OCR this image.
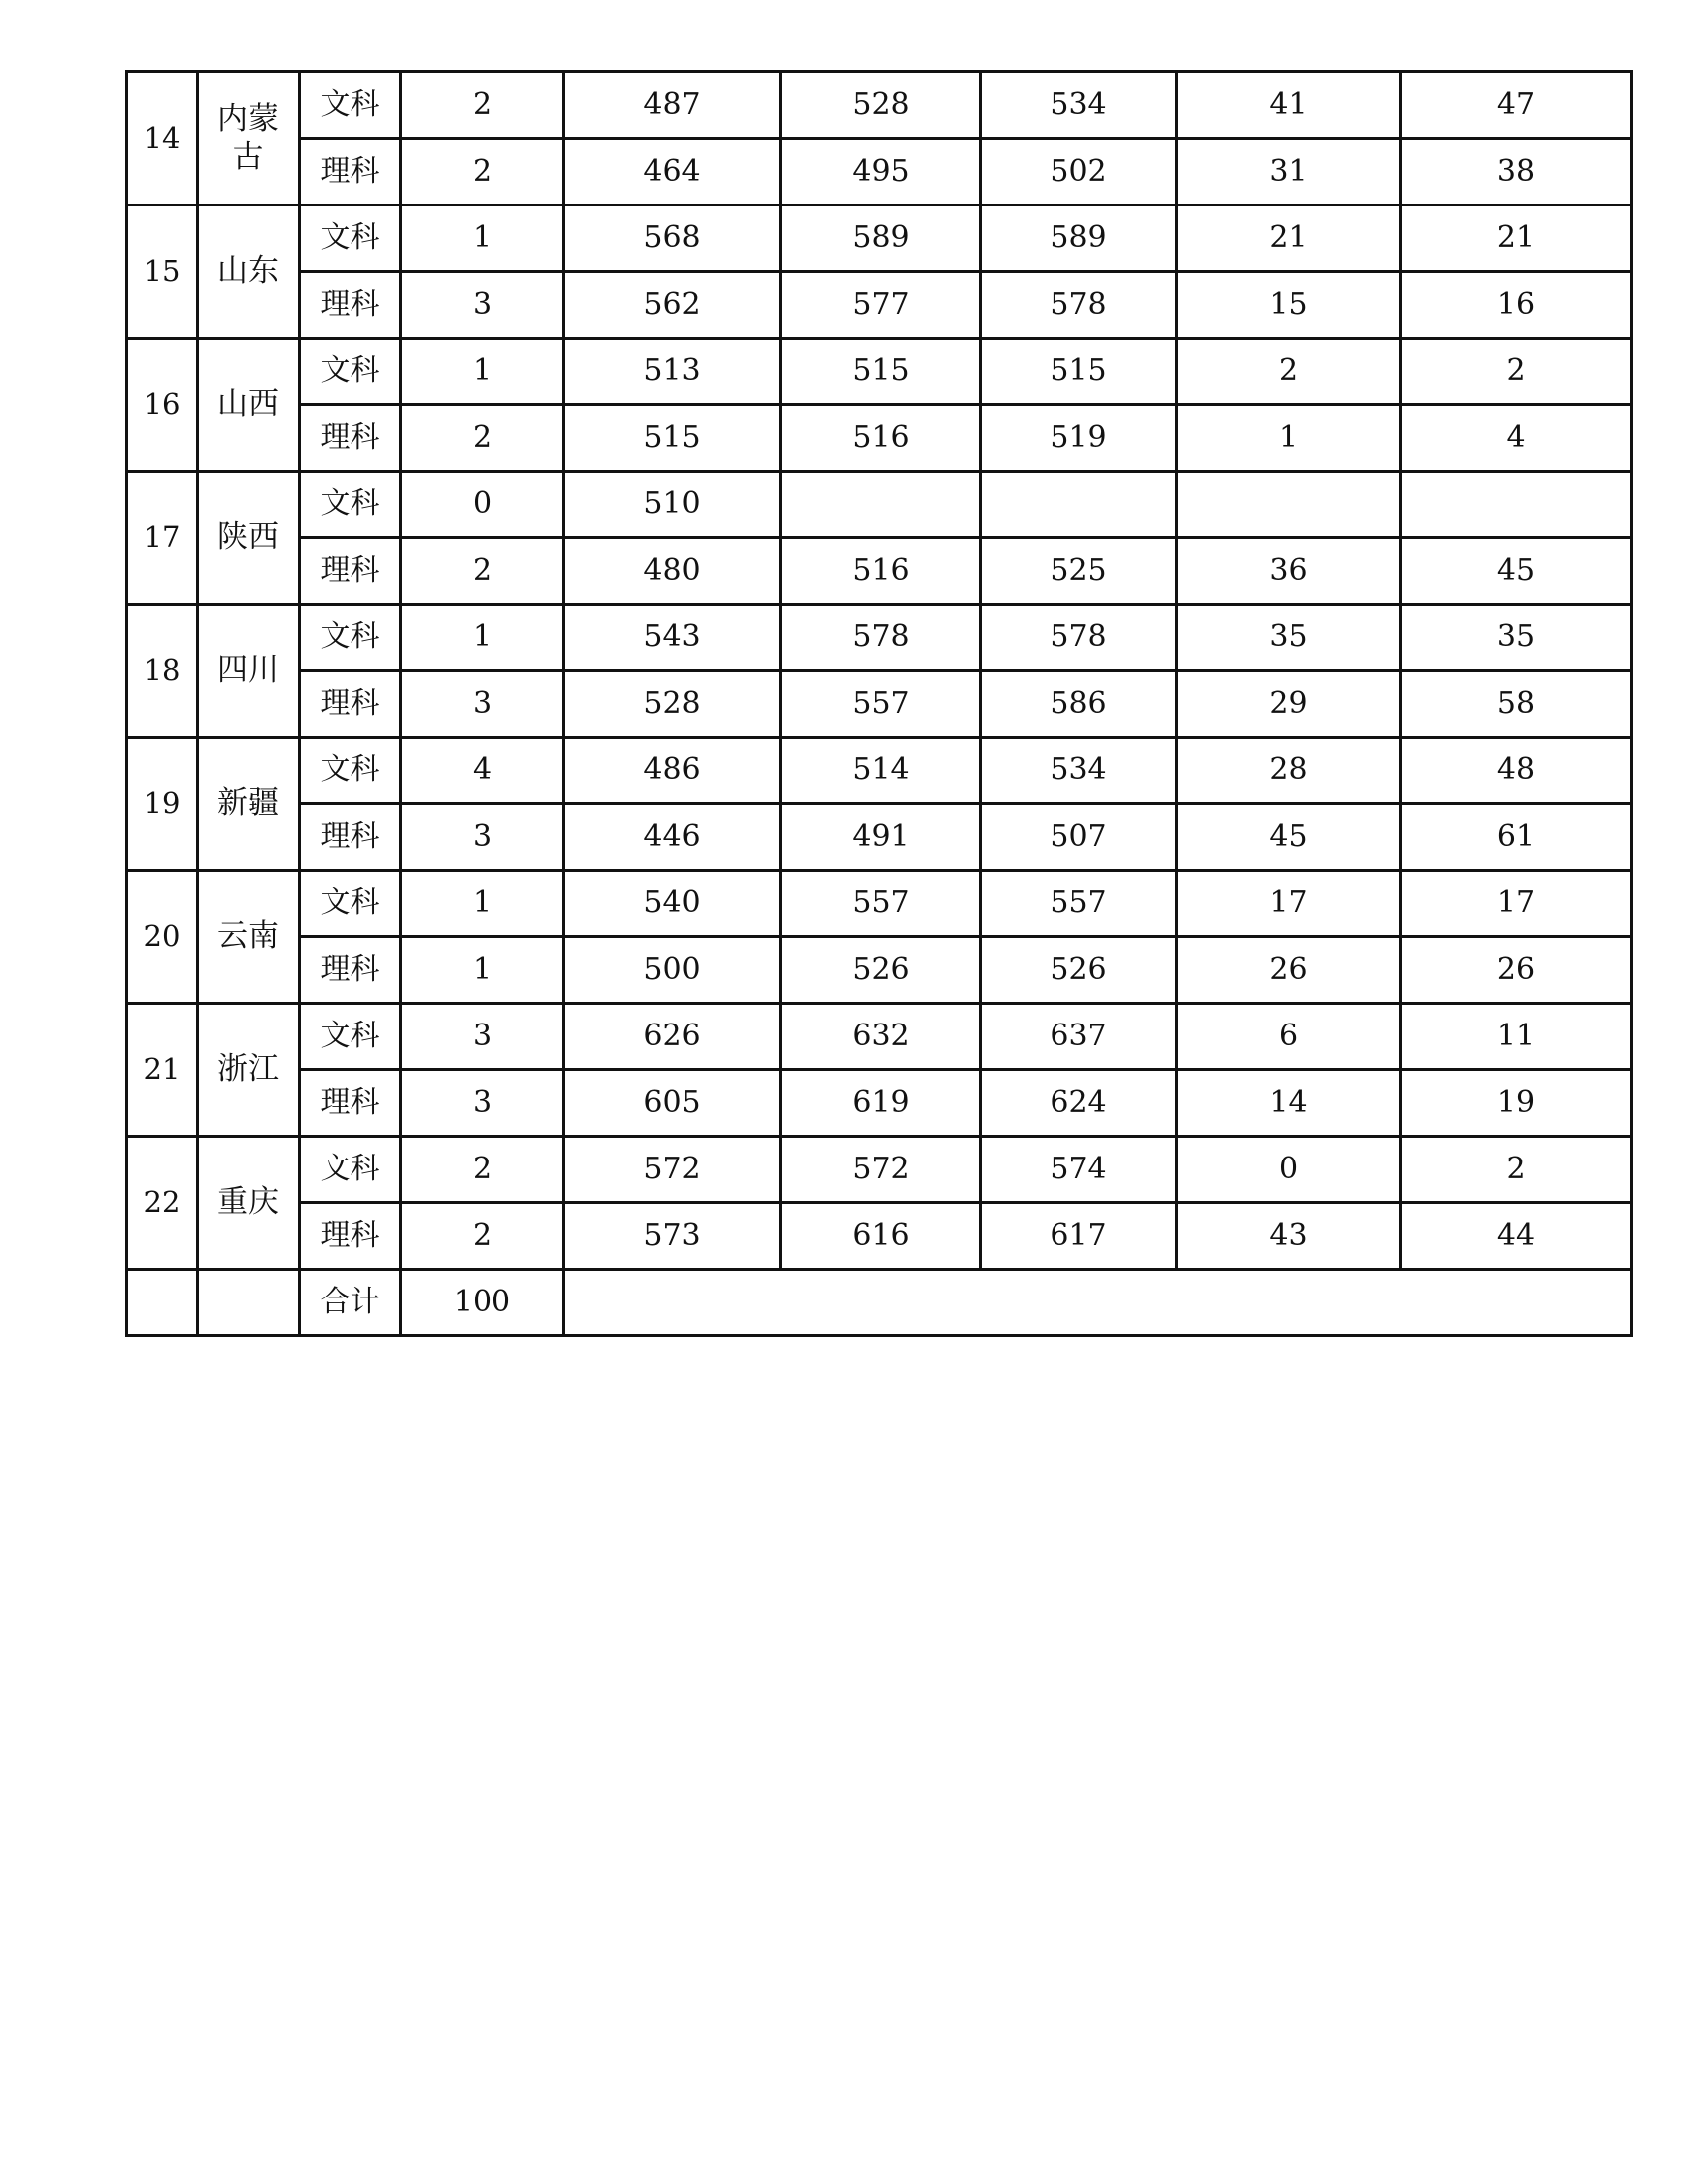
14	内蒙古	文科	2	487	528	534	41	47
		理科	2	464	495	502	31	38
15	山东	文科	1	568	589	589	21	21
		理科	3	562	577	578	15	16
16	山西	文科	1	513	515	515	2	2
		理科	2	515	516	519	1	4
17	陕西	文科	0	510				
		理科	2	480	516	525	36	45
18	四川	文科	1	543	578	578	35	35
		理科	3	528	557	586	29	58
19	新疆	文科	4	486	514	534	28	48
		理科	3	446	491	507	45	61
20	云南	文科	1	540	557	557	17	17
		理科	1	500	526	526	26	26
21	浙江	文科	3	626	632	637	6	11
		理科	3	605	619	624	14	19
22	重庆	文科	2	572	572	574	0	2
		理科	2	573	616	617	43	44
		合计	100					
